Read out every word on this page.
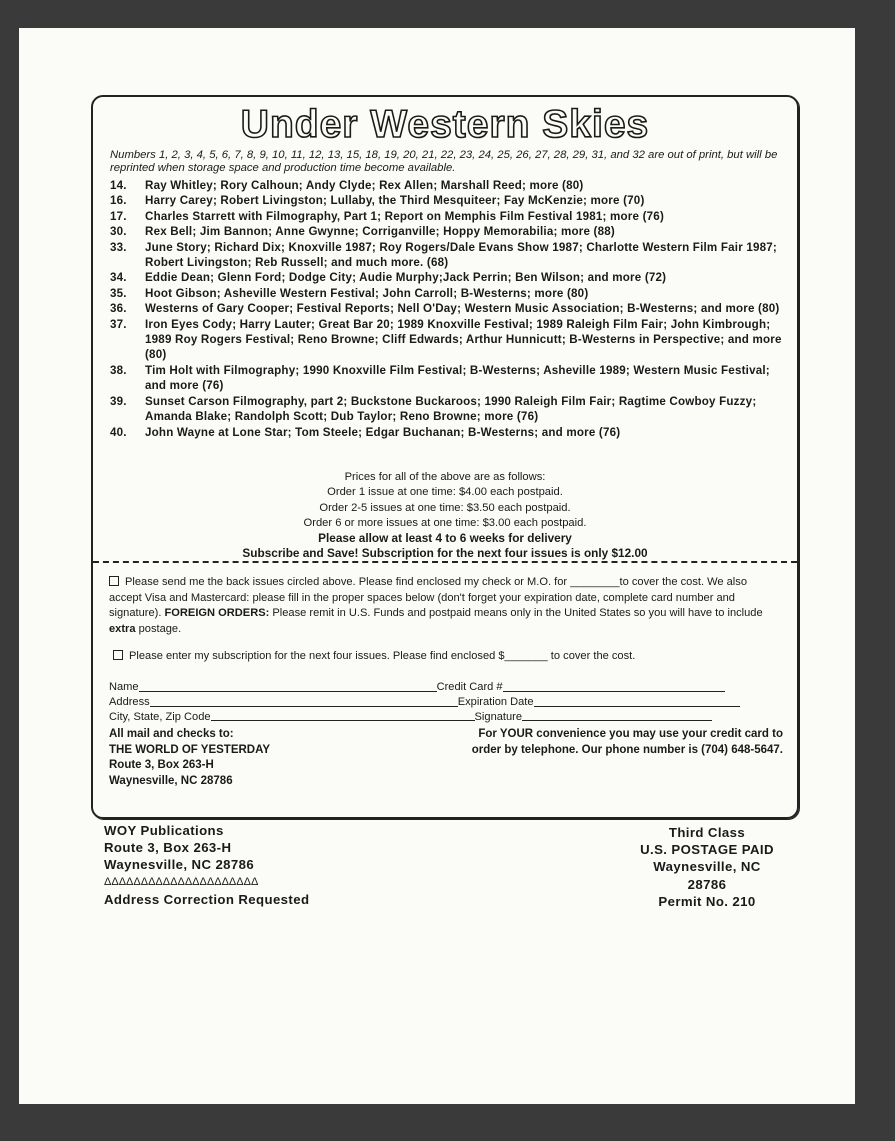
Under Western Skies
Numbers 1, 2, 3, 4, 5, 6, 7, 8, 9, 10, 11, 12, 13, 15, 18, 19, 20, 21, 22, 23, 24, 25, 26, 27, 28, 29, 31, and 32 are out of print, but will be reprinted when storage space and production time become available.
14.	Ray Whitley; Rory Calhoun; Andy Clyde; Rex Allen; Marshall Reed; more (80)
16.	Harry Carey; Robert Livingston; Lullaby, the Third Mesquiteer; Fay McKenzie; more (70)
17.	Charles Starrett with Filmography, Part 1; Report on Memphis Film Festival 1981; more (76)
30.	Rex Bell; Jim Bannon; Anne Gwynne; Corriganville; Hoppy Memorabilia; more (88)
33.	June Story; Richard Dix; Knoxville 1987; Roy Rogers/Dale Evans Show 1987; Charlotte Western Film Fair 1987; Robert Livingston; Reb Russell; and much more. (68)
34.	Eddie Dean; Glenn Ford; Dodge City; Audie Murphy;Jack Perrin; Ben Wilson; and more (72)
35.	Hoot Gibson; Asheville Western Festival; John Carroll; B-Westerns; more (80)
36.	Westerns of Gary Cooper; Festival Reports; Nell O'Day; Western Music Association; B-Westerns; and more (80)
37.	Iron Eyes Cody; Harry Lauter; Great Bar 20; 1989 Knoxville Festival; 1989 Raleigh Film Fair; John Kimbrough; 1989 Roy Rogers Festival; Reno Browne; Cliff Edwards; Arthur Hunnicutt; B-Westerns in Perspective; and more (80)
38.	Tim Holt with Filmography; 1990 Knoxville Film Festival; B-Westerns; Asheville 1989; Western Music Festival; and more (76)
39.	Sunset Carson Filmography, part 2; Buckstone Buckaroos; 1990 Raleigh Film Fair; Ragtime Cowboy Fuzzy; Amanda Blake; Randolph Scott; Dub Taylor; Reno Browne; more (76)
40.	John Wayne at Lone Star; Tom Steele; Edgar Buchanan; B-Westerns; and more (76)
Prices for all of the above are as follows:
Order 1 issue at one time: $4.00 each postpaid.
Order 2-5 issues at one time: $3.50 each postpaid.
Order 6 or more issues at one time: $3.00 each postpaid.
Please allow at least 4 to 6 weeks for delivery
Subscribe and Save! Subscription for the next four issues is only $12.00
Please send me the back issues circled above. Please find enclosed my check or M.O. for ________to cover the cost. We also accept Visa and Mastercard: please fill in the proper spaces below (don't forget your expiration date, complete card number and signature). FOREIGN ORDERS: Please remit in U.S. Funds and postpaid means only in the United States so you will have to include extra postage.
Please enter my subscription for the next four issues. Please find enclosed $_______ to cover the cost.
Name	Credit Card #
Address	Expiration Date
City, State, Zip Code	Signature
All mail and checks to:
THE WORLD OF YESTERDAY
Route 3, Box 263-H
Waynesville, NC 28786
For YOUR convenience you may use your credit card to order by telephone. Our phone number is (704) 648-5647.
WOY Publications
Route 3, Box 263-H
Waynesville, NC 28786
ΔΔΔΔΔΔΔΔΔΔΔΔΔΔΔΔΔΔΔΔΔ
Address Correction Requested
Third Class
U.S. POSTAGE PAID
Waynesville, NC
28786
Permit No. 210
